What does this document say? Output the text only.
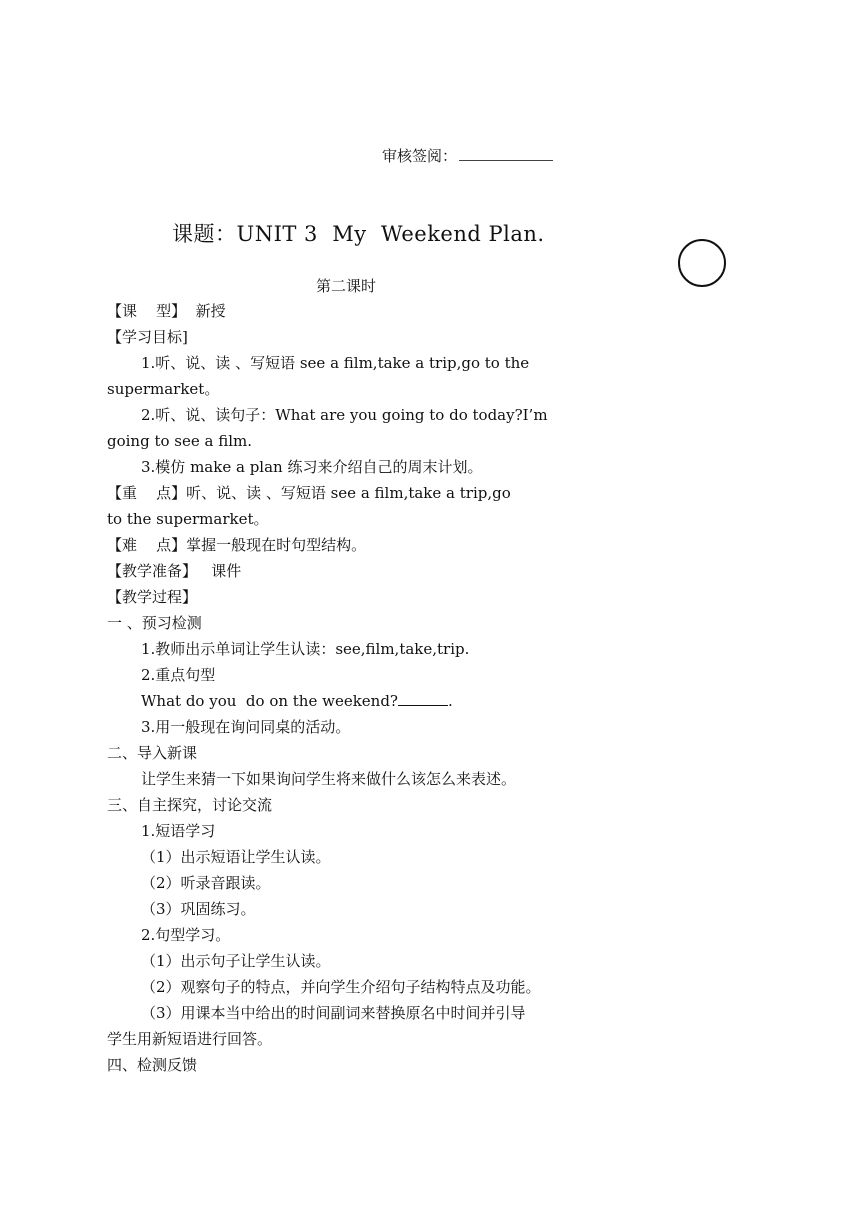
审核签阅：
课题：UNIT 3  My  Weekend Plan.
第二课时
【课    型】  新授
【学习目标]
1.听、说、读 、写短语 see a film,take a trip,go to the
supermarket。
2.听、说、读句子：What are you going to do today?I’m
going to see a film.
3.模仿 make a plan 练习来介绍自己的周末计划。
【重    点】听、说、读 、写短语 see a film,take a trip,go
to the supermarket。
【难    点】掌握一般现在时句型结构。
【教学准备】   课件
【教学过程】
一 、预习检测
1.教师出示单词让学生认读：see,film,take,trip.
2.重点句型
What do you  do on the weekend?	.
3.用一般现在询问同桌的活动。
二、导入新课
让学生来猜一下如果询问学生将来做什么该怎么来表述。
三、自主探究，讨论交流
1.短语学习
（1）出示短语让学生认读。
（2）听录音跟读。
（3）巩固练习。
2.句型学习。
（1）出示句子让学生认读。
（2）观察句子的特点，并向学生介绍句子结构特点及功能。
（3）用课本当中给出的时间副词来替换原名中时间并引导
学生用新短语进行回答。
四、检测反馈
